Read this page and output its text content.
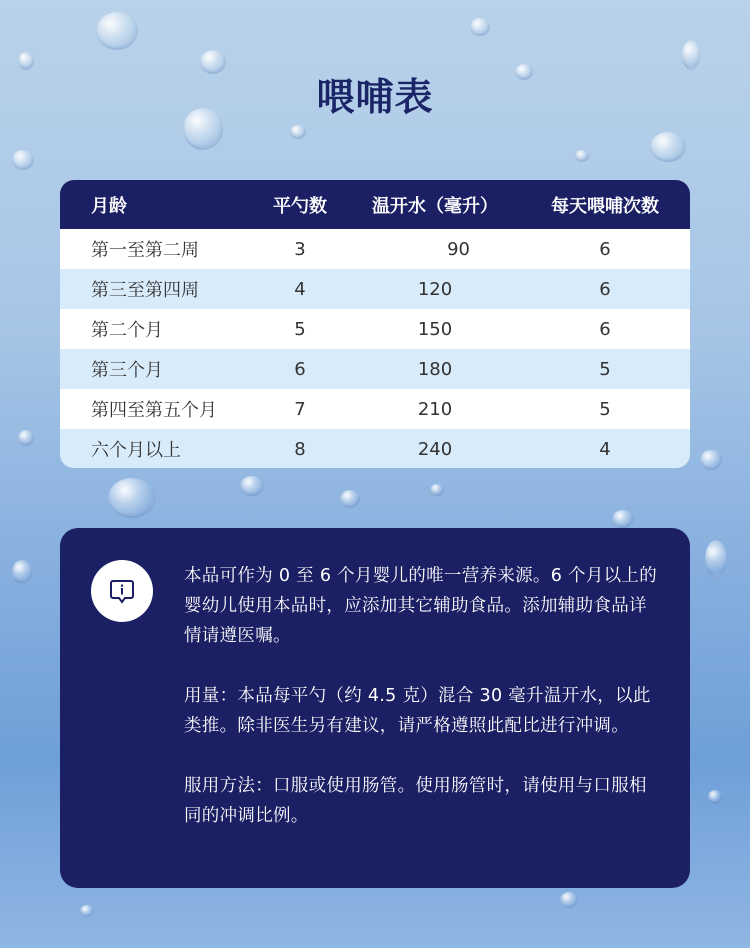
喂哺表
月龄	平勺数	温开水（毫升）	每天喂哺次数
第一至第二周	3	90	6
第三至第四周	4	120	6
第二个月	5	150	6
第三个月	6	180	5
第四至第五个月	7	210	5
六个月以上	8	240	4

本品可作为 0 至 6 个月婴儿的唯一营养来源。6 个月以上的婴幼儿使用本品时，应添加其它辅助食品。添加辅助食品详情请遵医嘱。

用量：本品每平勺（约 4.5 克）混合 30 毫升温开水，以此类推。除非医生另有建议，请严格遵照此配比进行冲调。

服用方法：口服或使用肠管。使用肠管时，请使用与口服相同的冲调比例。
